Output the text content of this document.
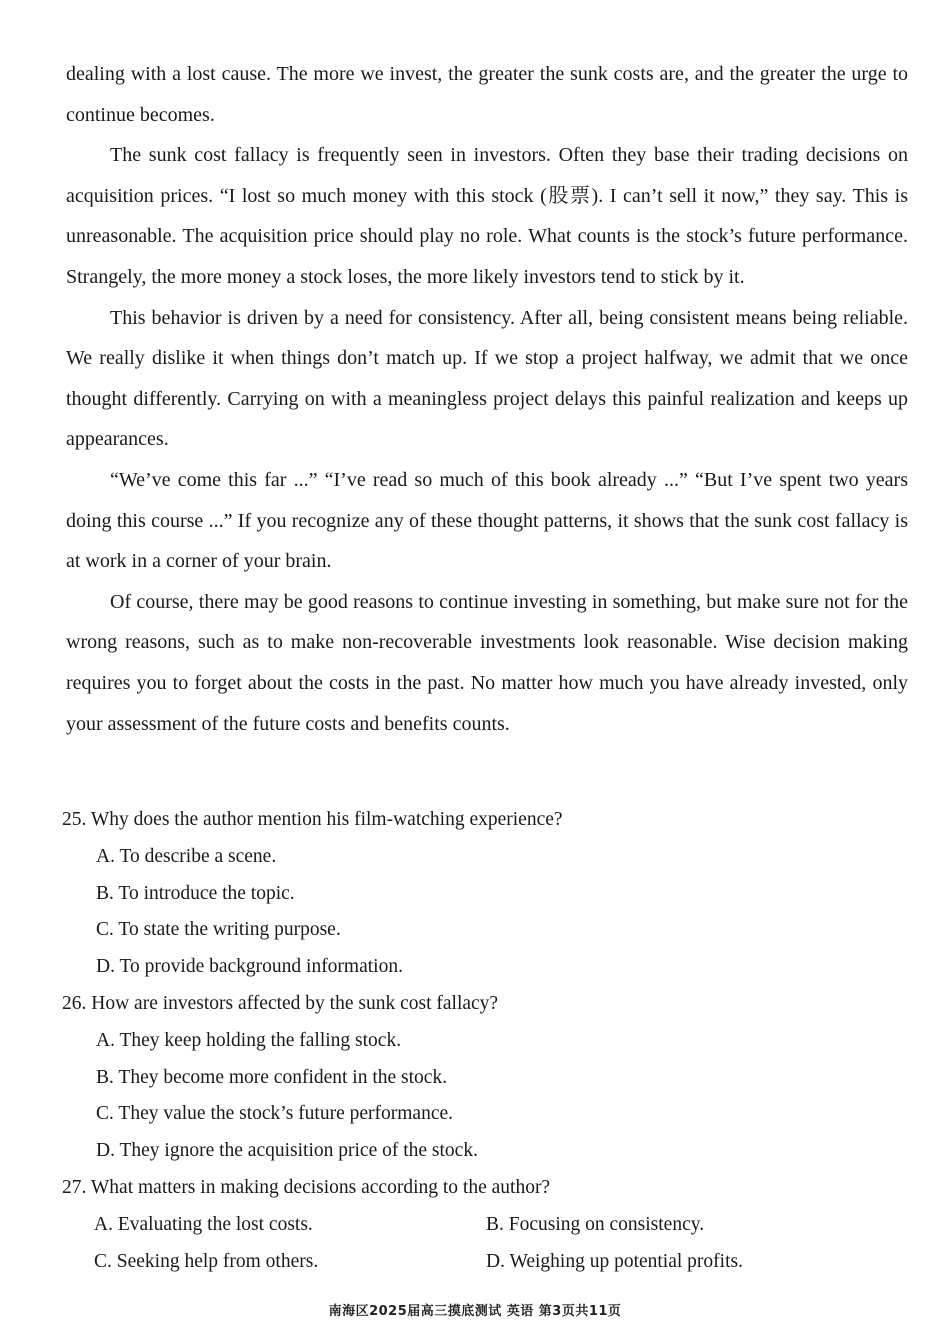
dealing with a lost cause. The more we invest, the greater the sunk costs are, and the greater the urge to continue becomes.

The sunk cost fallacy is frequently seen in investors. Often they base their trading decisions on acquisition prices. “I lost so much money with this stock (股票). I can’t sell it now,” they say. This is unreasonable. The acquisition price should play no role. What counts is the stock’s future performance. Strangely, the more money a stock loses, the more likely investors tend to stick by it.

This behavior is driven by a need for consistency. After all, being consistent means being reliable. We really dislike it when things don’t match up. If we stop a project halfway, we admit that we once thought differently. Carrying on with a meaningless project delays this painful realization and keeps up appearances.

“We’ve come this far ...” “I’ve read so much of this book already ...” “But I’ve spent two years doing this course ...” If you recognize any of these thought patterns, it shows that the sunk cost fallacy is at work in a corner of your brain.

Of course, there may be good reasons to continue investing in something, but make sure not for the wrong reasons, such as to make non-recoverable investments look reasonable. Wise decision making requires you to forget about the costs in the past. No matter how much you have already invested, only your assessment of the future costs and benefits counts.

25. Why does the author mention his film-watching experience?

A. To describe a scene.

B. To introduce the topic.

C. To state the writing purpose.

D. To provide background information.

26. How are investors affected by the sunk cost fallacy?

A. They keep holding the falling stock.

B. They become more confident in the stock.

C. They value the stock’s future performance.

D. They ignore the acquisition price of the stock.

27. What matters in making decisions according to the author?

A. Evaluating the lost costs.	B. Focusing on consistency.
C. Seeking help from others.	D. Weighing up potential profits.
南海区2025届高三摸底测试 英语 第3页共11页
